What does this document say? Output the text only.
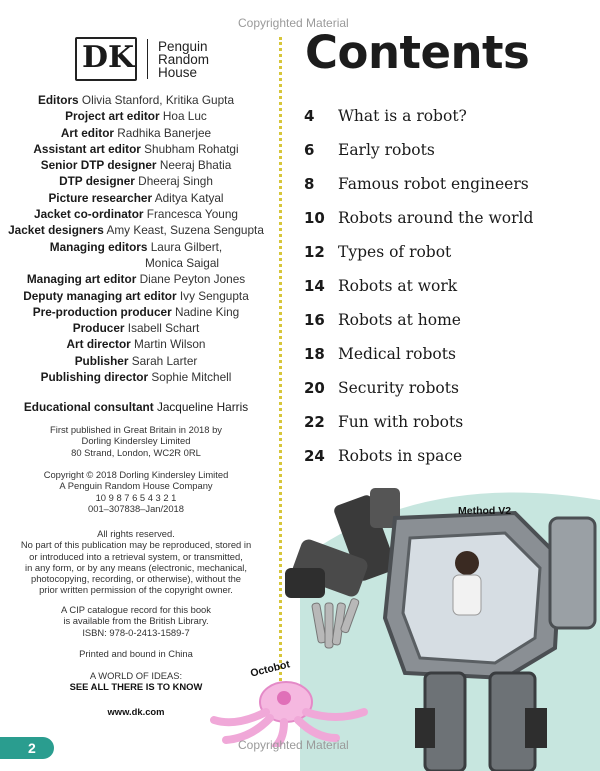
Copyrighted Material
DK Penguin
Random
House
Editors Olivia Stanford, Kritika Gupta
Project art editor Hoa Luc
Art editor Radhika Banerjee
Assistant art editor Shubham Rohatgi
Senior DTP designer Neeraj Bhatia
DTP designer Dheeraj Singh
Picture researcher Aditya Katyal
Jacket co-ordinator Francesca Young
Jacket designers Amy Keast, Suzena Sengupta
Managing editors Laura Gilbert,
Monica Saigal
Managing art editor Diane Peyton Jones
Deputy managing art editor Ivy Sengupta
Pre-production producer Nadine King
Producer Isabell Schart
Art director Martin Wilson
Publisher Sarah Larter
Publishing director Sophie Mitchell
Educational consultant Jacqueline Harris
First published in Great Britain in 2018 by
Dorling Kindersley Limited
80 Strand, London, WC2R 0RL
Copyright © 2018 Dorling Kindersley Limited
A Penguin Random House Company
10 9 8 7 6 5 4 3 2 1
001–307838–Jan/2018
All rights reserved.
No part of this publication may be reproduced, stored in
or introduced into a retrieval system, or transmitted,
in any form, or by any means (electronic, mechanical,
photocopying, recording, or otherwise), without the
prior written permission of the copyright owner.
A CIP catalogue record for this book
is available from the British Library.
ISBN: 978-0-2413-1589-7
Printed and bound in China
A WORLD OF IDEAS:
SEE ALL THERE IS TO KNOW
www.dk.com
Contents
4	What is a robot?
6	Early robots
8	Famous robot engineers
10 Robots around the world
12 Types of robot
14 Robots at work
16 Robots at home
18 Medical robots
20 Security robots
22 Fun with robots
24 Robots in space
Method V2
Octobot
Copyrighted Material
2
